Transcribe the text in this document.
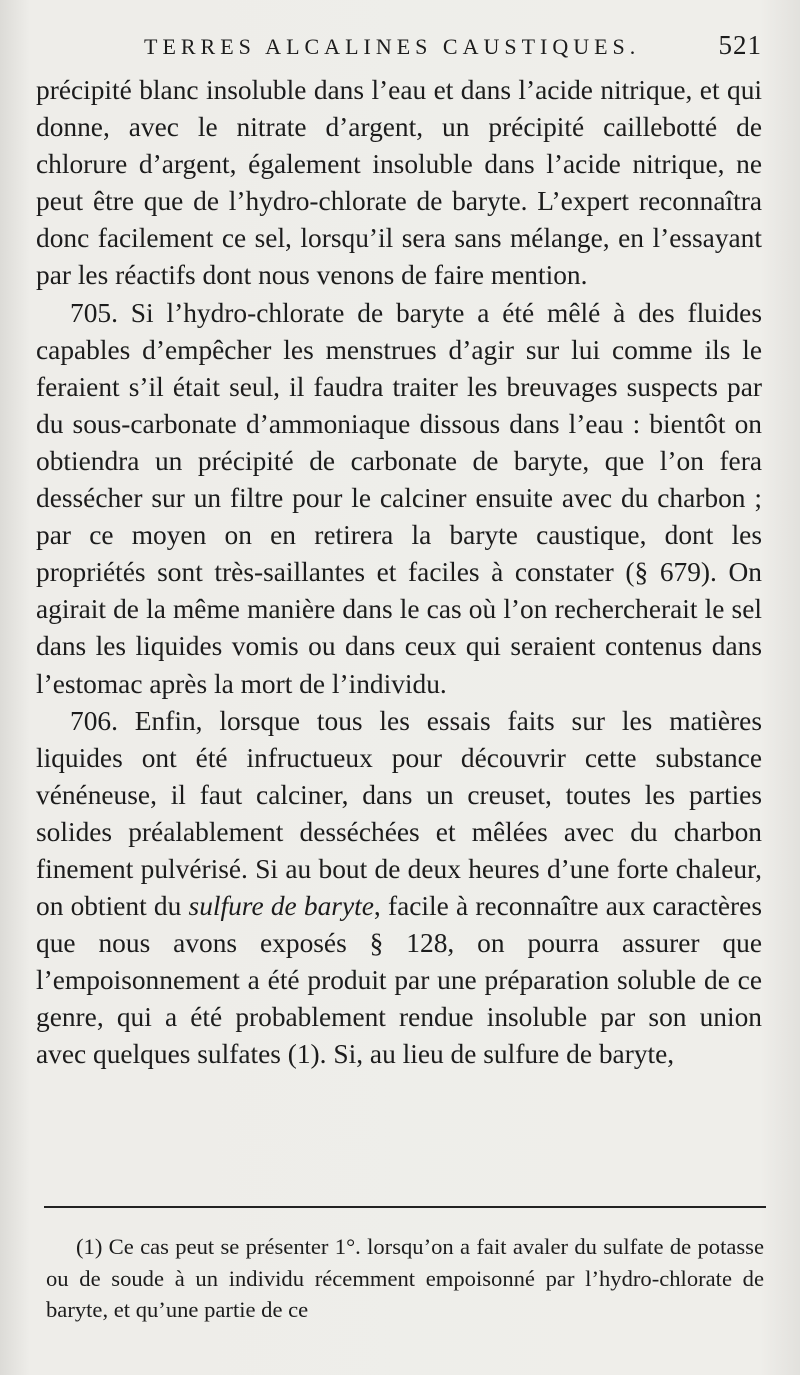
TERRES ALCALINES CAUSTIQUES.	521

précipité blanc insoluble dans l’eau et dans l’acide nitrique, et qui donne, avec le nitrate d’argent, un précipité caillebotté de chlorure d’argent, également insoluble dans l’acide nitrique, ne peut être que de l’hydro-chlorate de baryte. L’expert reconnaîtra donc facilement ce sel, lorsqu’il sera sans mélange, en l’essayant par les réactifs dont nous venons de faire mention.

705. Si l’hydro-chlorate de baryte a été mêlé à des fluides capables d’empêcher les menstrues d’agir sur lui comme ils le feraient s’il était seul, il faudra traiter les breuvages suspects par du sous-carbonate d’ammoniaque dissous dans l’eau : bientôt on obtiendra un précipité de carbonate de baryte, que l’on fera dessécher sur un filtre pour le calciner ensuite avec du charbon ; par ce moyen on en retirera la baryte caustique, dont les propriétés sont très-saillantes et faciles à constater (§ 679). On agirait de la même manière dans le cas où l’on rechercherait le sel dans les liquides vomis ou dans ceux qui seraient contenus dans l’estomac après la mort de l’individu.

706. Enfin, lorsque tous les essais faits sur les matières liquides ont été infructueux pour découvrir cette substance vénéneuse, il faut calciner, dans un creuset, toutes les parties solides préalablement desséchées et mêlées avec du charbon finement pulvérisé. Si au bout de deux heures d’une forte chaleur, on obtient du sulfure de baryte, facile à reconnaître aux caractères que nous avons exposés § 128, on pourra assurer que l’empoisonnement a été produit par une préparation soluble de ce genre, qui a été probablement rendue insoluble par son union avec quelques sulfates (1). Si, au lieu de sulfure de baryte,

(1) Ce cas peut se présenter 1°. lorsqu’on a fait avaler du sulfate de potasse ou de soude à un individu récemment empoisonné par l’hydro-chlorate de baryte, et qu’une partie de ce
